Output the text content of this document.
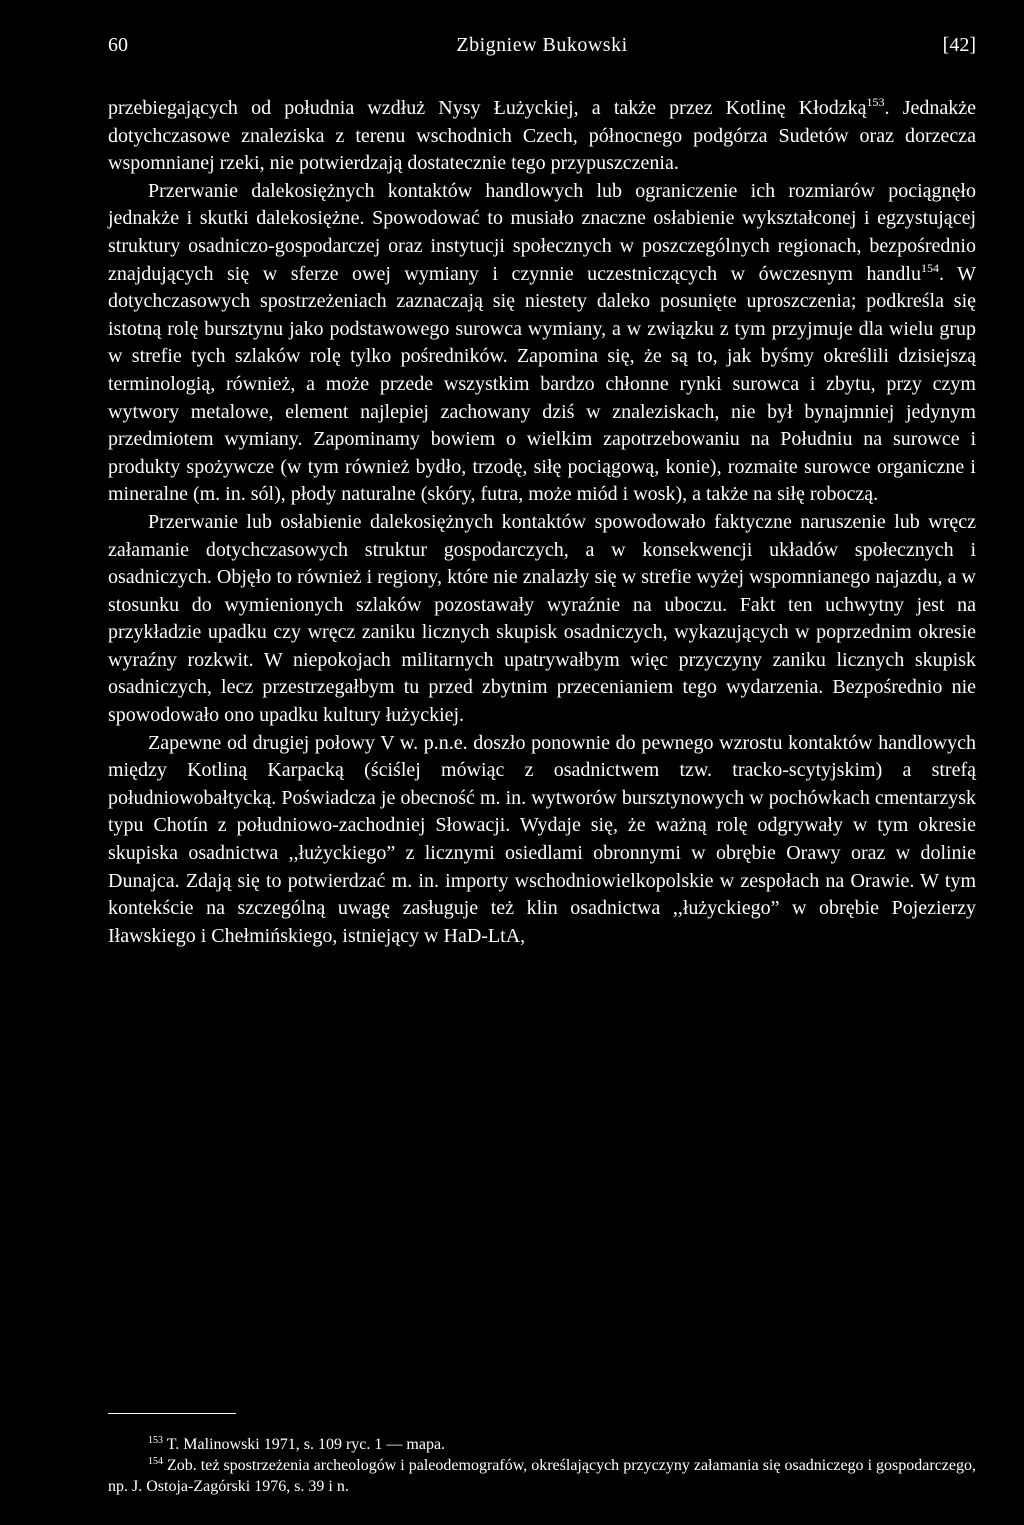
60	Zbigniew Bukowski	[42]

przebiegających od południa wzdłuż Nysy Łużyckiej, a także przez Kotlinę Kłodzką$^{153}$. Jednakże dotychczasowe znaleziska z terenu wschodnich Czech, północnego podgórza Sudetów oraz dorzecza wspomnianej rzeki, nie potwierdzają dostatecznie tego przypuszczenia.

Przerwanie dalekosiężnych kontaktów handlowych lub ograniczenie ich rozmiarów pociągnęło jednakże i skutki dalekosiężne. Spowodować to musiało znaczne osłabienie wykształconej i egzystującej struktury osadniczo-gospodarczej oraz instytucji społecznych w poszczególnych regionach, bezpośrednio znajdujących się w sferze owej wymiany i czynnie uczestniczących w ówczesnym handlu$^{154}$. W dotychczasowych spostrzeżeniach zaznaczają się niestety daleko posunięte uproszczenia; podkreśla się istotną rolę bursztynu jako podstawowego surowca wymiany, a w związku z tym przyjmuje dla wielu grup w strefie tych szlaków rolę tylko pośredników. Zapomina się, że są to, jak byśmy określili dzisiejszą terminologią, również, a może przede wszystkim bardzo chłonne rynki surowca i zbytu, przy czym wytwory metalowe, element najlepiej zachowany dziś w znaleziskach, nie był bynajmniej jedynym przedmiotem wymiany. Zapominamy bowiem o wielkim zapotrzebowaniu na Południu na surowce i produkty spożywcze (w tym również bydło, trzodę, siłę pociągową, konie), rozmaite surowce organiczne i mineralne (m. in. sól), płody naturalne (skóry, futra, może miód i wosk), a także na siłę roboczą.

Przerwanie lub osłabienie dalekosiężnych kontaktów spowodowało faktyczne naruszenie lub wręcz załamanie dotychczasowych struktur gospodarczych, a w konsekwencji układów społecznych i osadniczych. Objęło to również i regiony, które nie znalazły się w strefie wyżej wspomnianego najazdu, a w stosunku do wymienionych szlaków pozostawały wyraźnie na uboczu. Fakt ten uchwytny jest na przykładzie upadku czy wręcz zaniku licznych skupisk osadniczych, wykazujących w poprzednim okresie wyraźny rozkwit. W niepokojach militarnych upatrywałbym więc przyczyny zaniku licznych skupisk osadniczych, lecz przestrzegałbym tu przed zbytnim przecenianiem tego wydarzenia. Bezpośrednio nie spowodowało ono upadku kultury łużyckiej.

Zapewne od drugiej połowy V w. p.n.e. doszło ponownie do pewnego wzrostu kontaktów handlowych między Kotliną Karpacką (ściślej mówiąc z osadnictwem tzw. tracko-scytyjskim) a strefą południowobałtycką. Poświadcza je obecność m. in. wytworów bursztynowych w pochówkach cmentarzysk typu Chotín z południowo-zachodniej Słowacji. Wydaje się, że ważną rolę odgrywały w tym okresie skupiska osadnictwa ,,łużyckiego” z licznymi osiedlami obronnymi w obrębie Orawy oraz w dolinie Dunajca. Zdają się to potwierdzać m. in. importy wschodniowielkopolskie w zespołach na Orawie. W tym kontekście na szczególną uwagę zasługuje też klin osadnictwa ,,łużyckiego” w obrębie Pojezierzy Iławskiego i Chełmińskiego, istniejący w HaD-LtA,

$^{153}$ T. Malinowski 1971, s. 109 ryc. 1 — mapa.

$^{154}$ Zob. też spostrzeżenia archeologów i paleodemografów, określających przyczyny załamania się osadniczego i gospodarczego, np. J. Ostoja-Zagórski 1976, s. 39 i n.
